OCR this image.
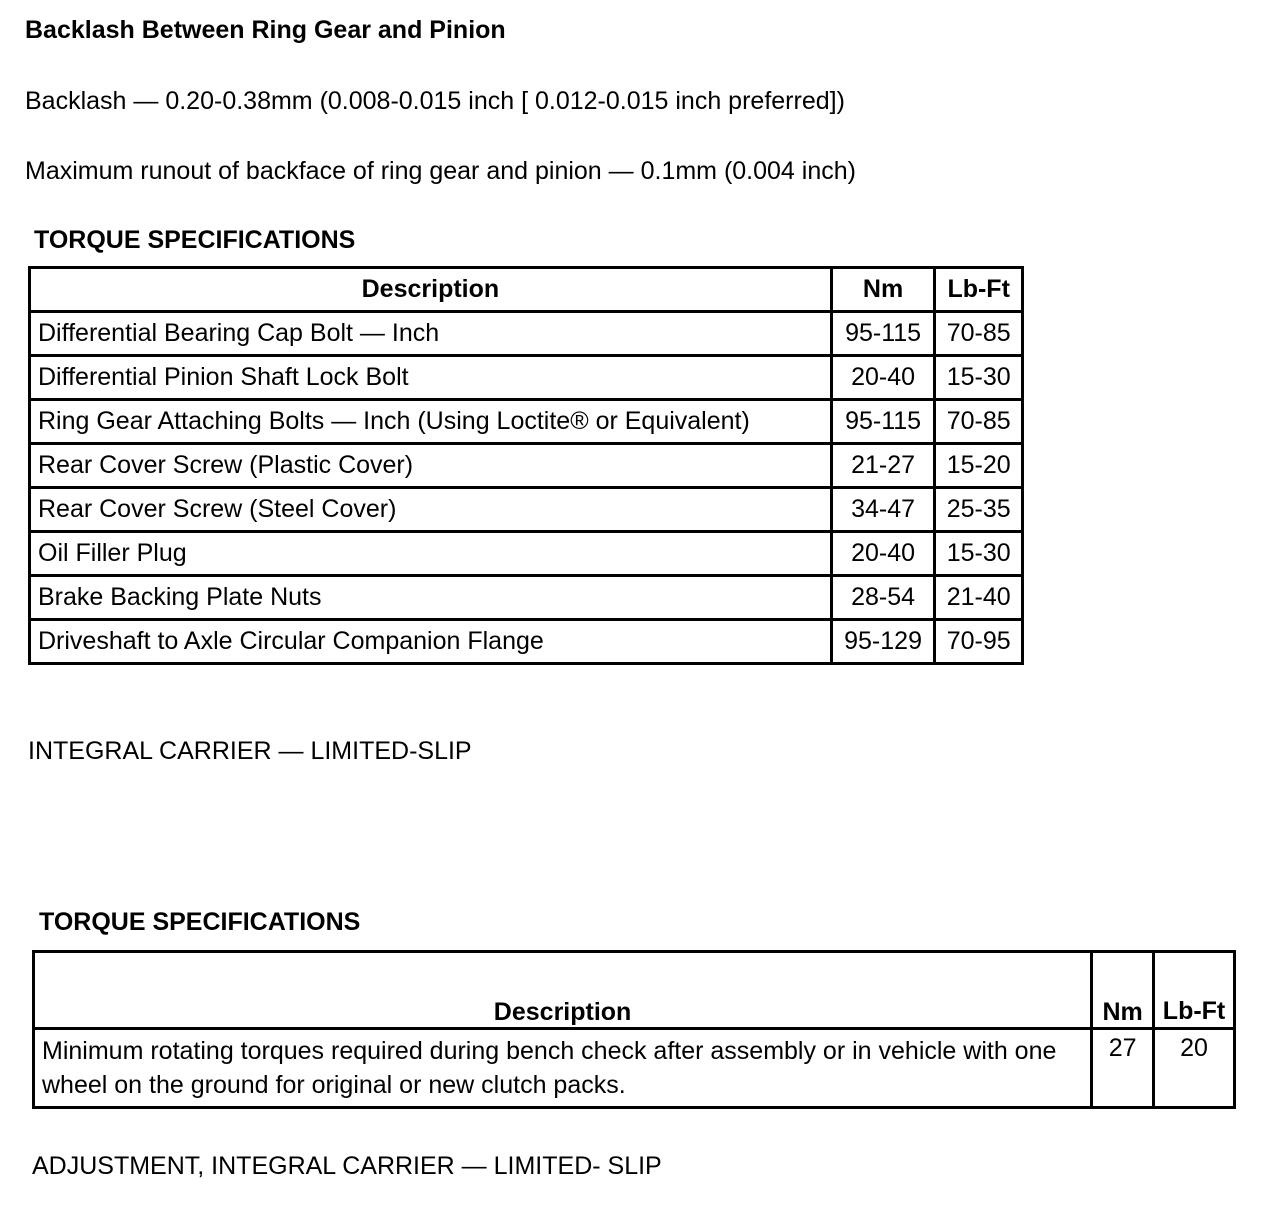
Backlash Between Ring Gear and Pinion

Backlash — 0.20-0.38mm (0.008-0.015 inch [ 0.012-0.015 inch preferred])

Maximum runout of backface of ring gear and pinion — 0.1mm (0.004 inch)

TORQUE SPECIFICATIONS

Description	Nm	Lb-Ft
Differential Bearing Cap Bolt — Inch	95-115	70-85
Differential Pinion Shaft Lock Bolt	20-40	15-30
Ring Gear Attaching Bolts — Inch (Using Loctite® or Equivalent)	95-115	70-85
Rear Cover Screw (Plastic Cover)	21-27	15-20
Rear Cover Screw (Steel Cover)	34-47	25-35
Oil Filler Plug	20-40	15-30
Brake Backing Plate Nuts	28-54	21-40
Driveshaft to Axle Circular Companion Flange	95-129	70-95

INTEGRAL CARRIER — LIMITED-SLIP

TORQUE SPECIFICATIONS

Description	Nm	Lb-Ft
Minimum rotating torques required during bench check after assembly or in vehicle with one wheel on the ground for original or new clutch packs.	27	20

ADJUSTMENT, INTEGRAL CARRIER — LIMITED- SLIP
